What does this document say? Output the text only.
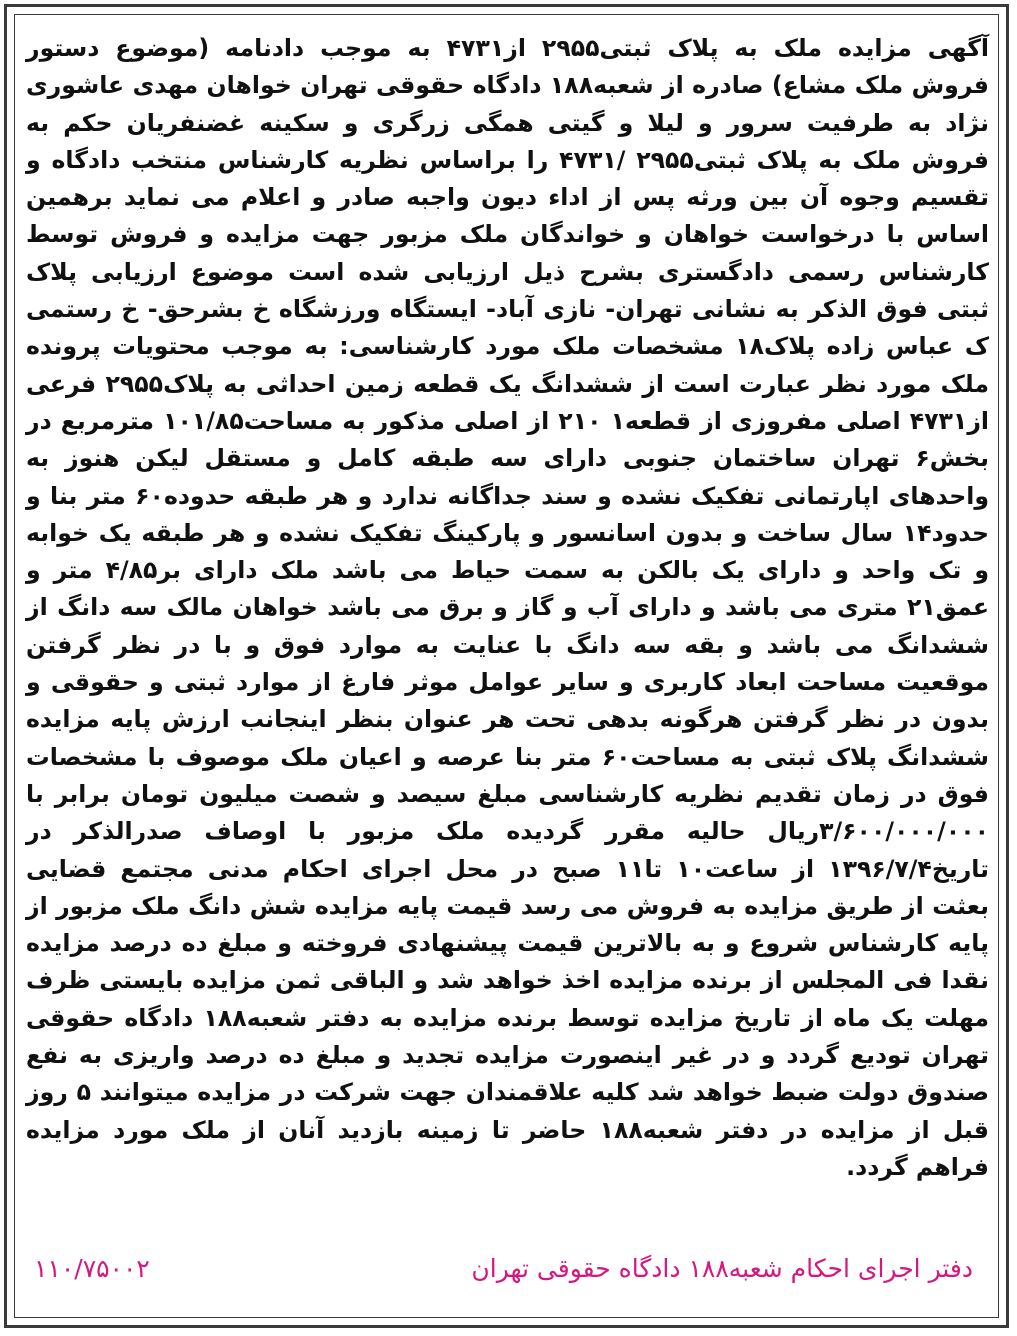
آگهی مزایده ملک به پلاک ثبتی۲۹۵۵ از۴۷۳۱ به موجب دادنامه (موضوع دستور فروش ملک مشاع) صادره از شعبه۱۸۸ دادگاه حقوقی تهران خواهان مهدی عاشوری نژاد به طرفیت سرور و لیلا و گیتی همگی زرگری و سکینه غضنفریان حکم به فروش ملک به پلاک ثبتی۲۹۵۵ /۴۷۳۱ را براساس نظریه کارشناس منتخب دادگاه و تقسیم وجوه آن بین ورثه پس از اداء دیون واجبه صادر و اعلام می نماید برهمین اساس با درخواست خواهان و خواندگان ملک مزبور جهت مزایده و فروش توسط کارشناس رسمی دادگستری بشرح ذیل ارزیابی شده است موضوع ارزیابی پلاک ثبتی فوق الذکر به نشانی تهران- نازی آباد- ایستگاه ورزشگاه خ بشرحق- خ رستمی ک عباس زاده پلاک۱۸ مشخصات ملک مورد کارشناسی: به موجب محتویات پرونده ملک مورد نظر عبارت است از ششدانگ یک قطعه زمین احداثی به پلاک۲۹۵۵ فرعی از۴۷۳۱ اصلی مفروزی از قطعه۱ ۲۱۰ از اصلی مذکور به مساحت۱۰۱/۸۵ مترمربع در بخش۶ تهران ساختمان جنوبی دارای سه طبقه کامل و مستقل لیکن هنوز به واحدهای اپارتمانی تفکیک نشده و سند جداگانه ندارد و هر طبقه حدوده۶۰ متر بنا و حدود۱۴ سال ساخت و بدون اسانسور و پارکینگ تفکیک نشده و هر طبقه یک خوابه و تک واحد و دارای یک بالکن به سمت حیاط می باشد ملک دارای بر۴/۸۵ متر و عمق۲۱ متری می باشد و دارای آب و گاز و برق می باشد خواهان مالک سه دانگ از ششدانگ می باشد و بقه سه دانگ با عنایت به موارد فوق و با در نظر گرفتن موقعیت مساحت ابعاد کاربری و سایر عوامل موثر فارغ از موارد ثبتی و حقوقی و بدون در نظر گرفتن هرگونه بدهی تحت هر عنوان بنظر اینجانب ارزش پایه مزایده ششدانگ پلاک ثبتی به مساحت۶۰ متر بنا عرصه و اعیان ملک موصوف با مشخصات فوق در زمان تقدیم نظریه کارشناسی مبلغ سیصد و شصت میلیون تومان برابر با ۳/۶۰۰/۰۰۰/۰۰۰ریال حالیه مقرر گردیده ملک مزبور با اوصاف صدرالذکر در تاریخ۱۳۹۶/۷/۴ از ساعت۱۰ تا۱۱ صبح در محل اجرای احکام مدنی مجتمع قضایی بعثت از طریق مزایده به فروش می رسد قیمت پایه مزایده شش دانگ ملک مزبور از پایه کارشناس شروع و به بالاترین قیمت پیشنهادی فروخته و مبلغ ده درصد مزایده نقدا فی المجلس از برنده مزایده اخذ خواهد شد و الباقی ثمن مزایده بایستی ظرف مهلت یک ماه از تاریخ مزایده توسط برنده مزایده به دفتر شعبه۱۸۸ دادگاه حقوقی تهران تودیع گردد و در غیر اینصورت مزایده تجدید و مبلغ ده درصد واریزی به نفع صندوق دولت ضبط خواهد شد کلیه علاقمندان جهت شرکت در مزایده میتوانند ۵ روز قبل از مزایده در دفتر شعبه۱۸۸ حاضر تا زمینه بازدید آنان از ملک مورد مزایده فراهم گردد.

دفتر اجرای احکام شعبه۱۸۸ دادگاه حقوقی تهران
۱۱۰/۷۵۰۰۲
